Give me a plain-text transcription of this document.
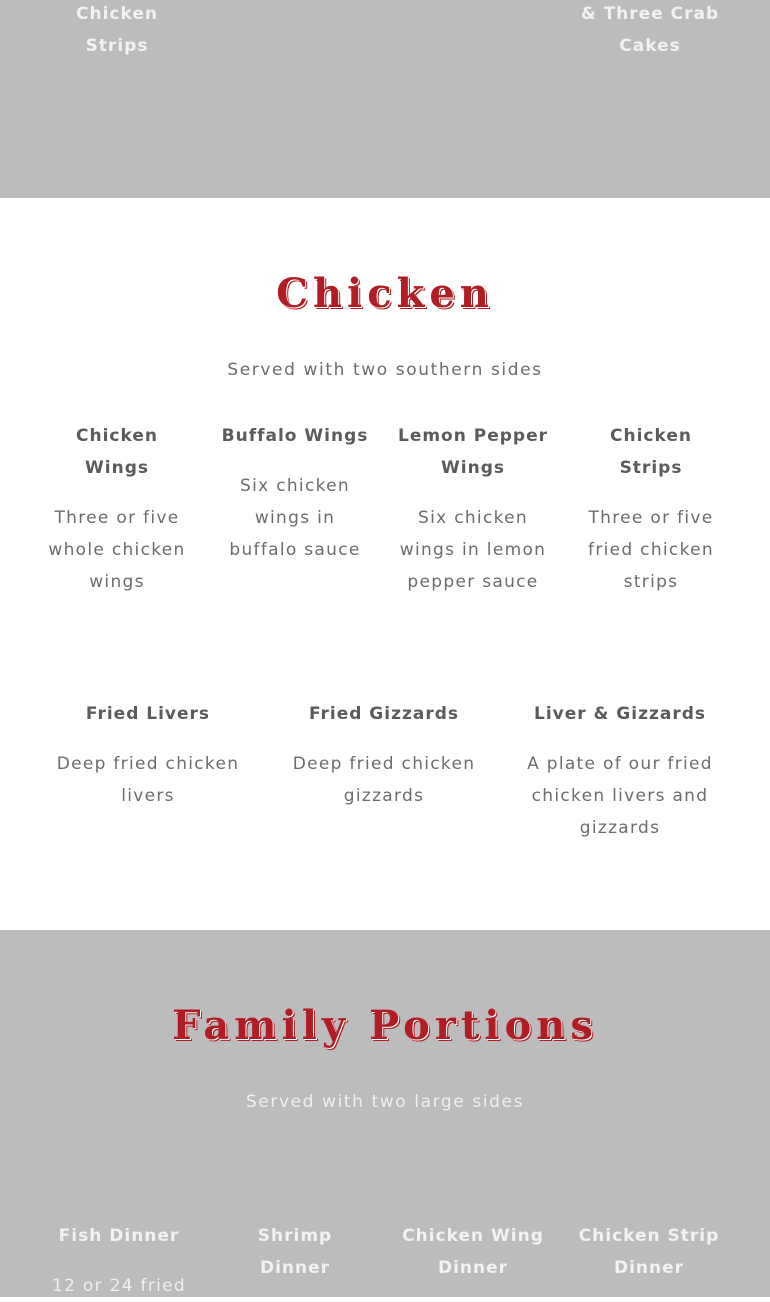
Chicken
Strips
& Three Crab
Cakes
Chicken
Served with two southern sides
Chicken
Wings
Three or five
whole chicken
wings
Buffalo Wings
Six chicken
wings in
buffalo sauce
Lemon Pepper
Wings
Six chicken
wings in lemon
pepper sauce
Chicken
Strips
Three or five
fried chicken
strips
Fried Livers
Deep fried chicken
livers
Fried Gizzards
Deep fried chicken
gizzards
Liver & Gizzards
A plate of our fried
chicken livers and
gizzards
Family Portions
Served with two large sides
Fish Dinner
12 or 24 fried
Shrimp
Dinner
Chicken Wing
Dinner
Chicken Strip
Dinner
